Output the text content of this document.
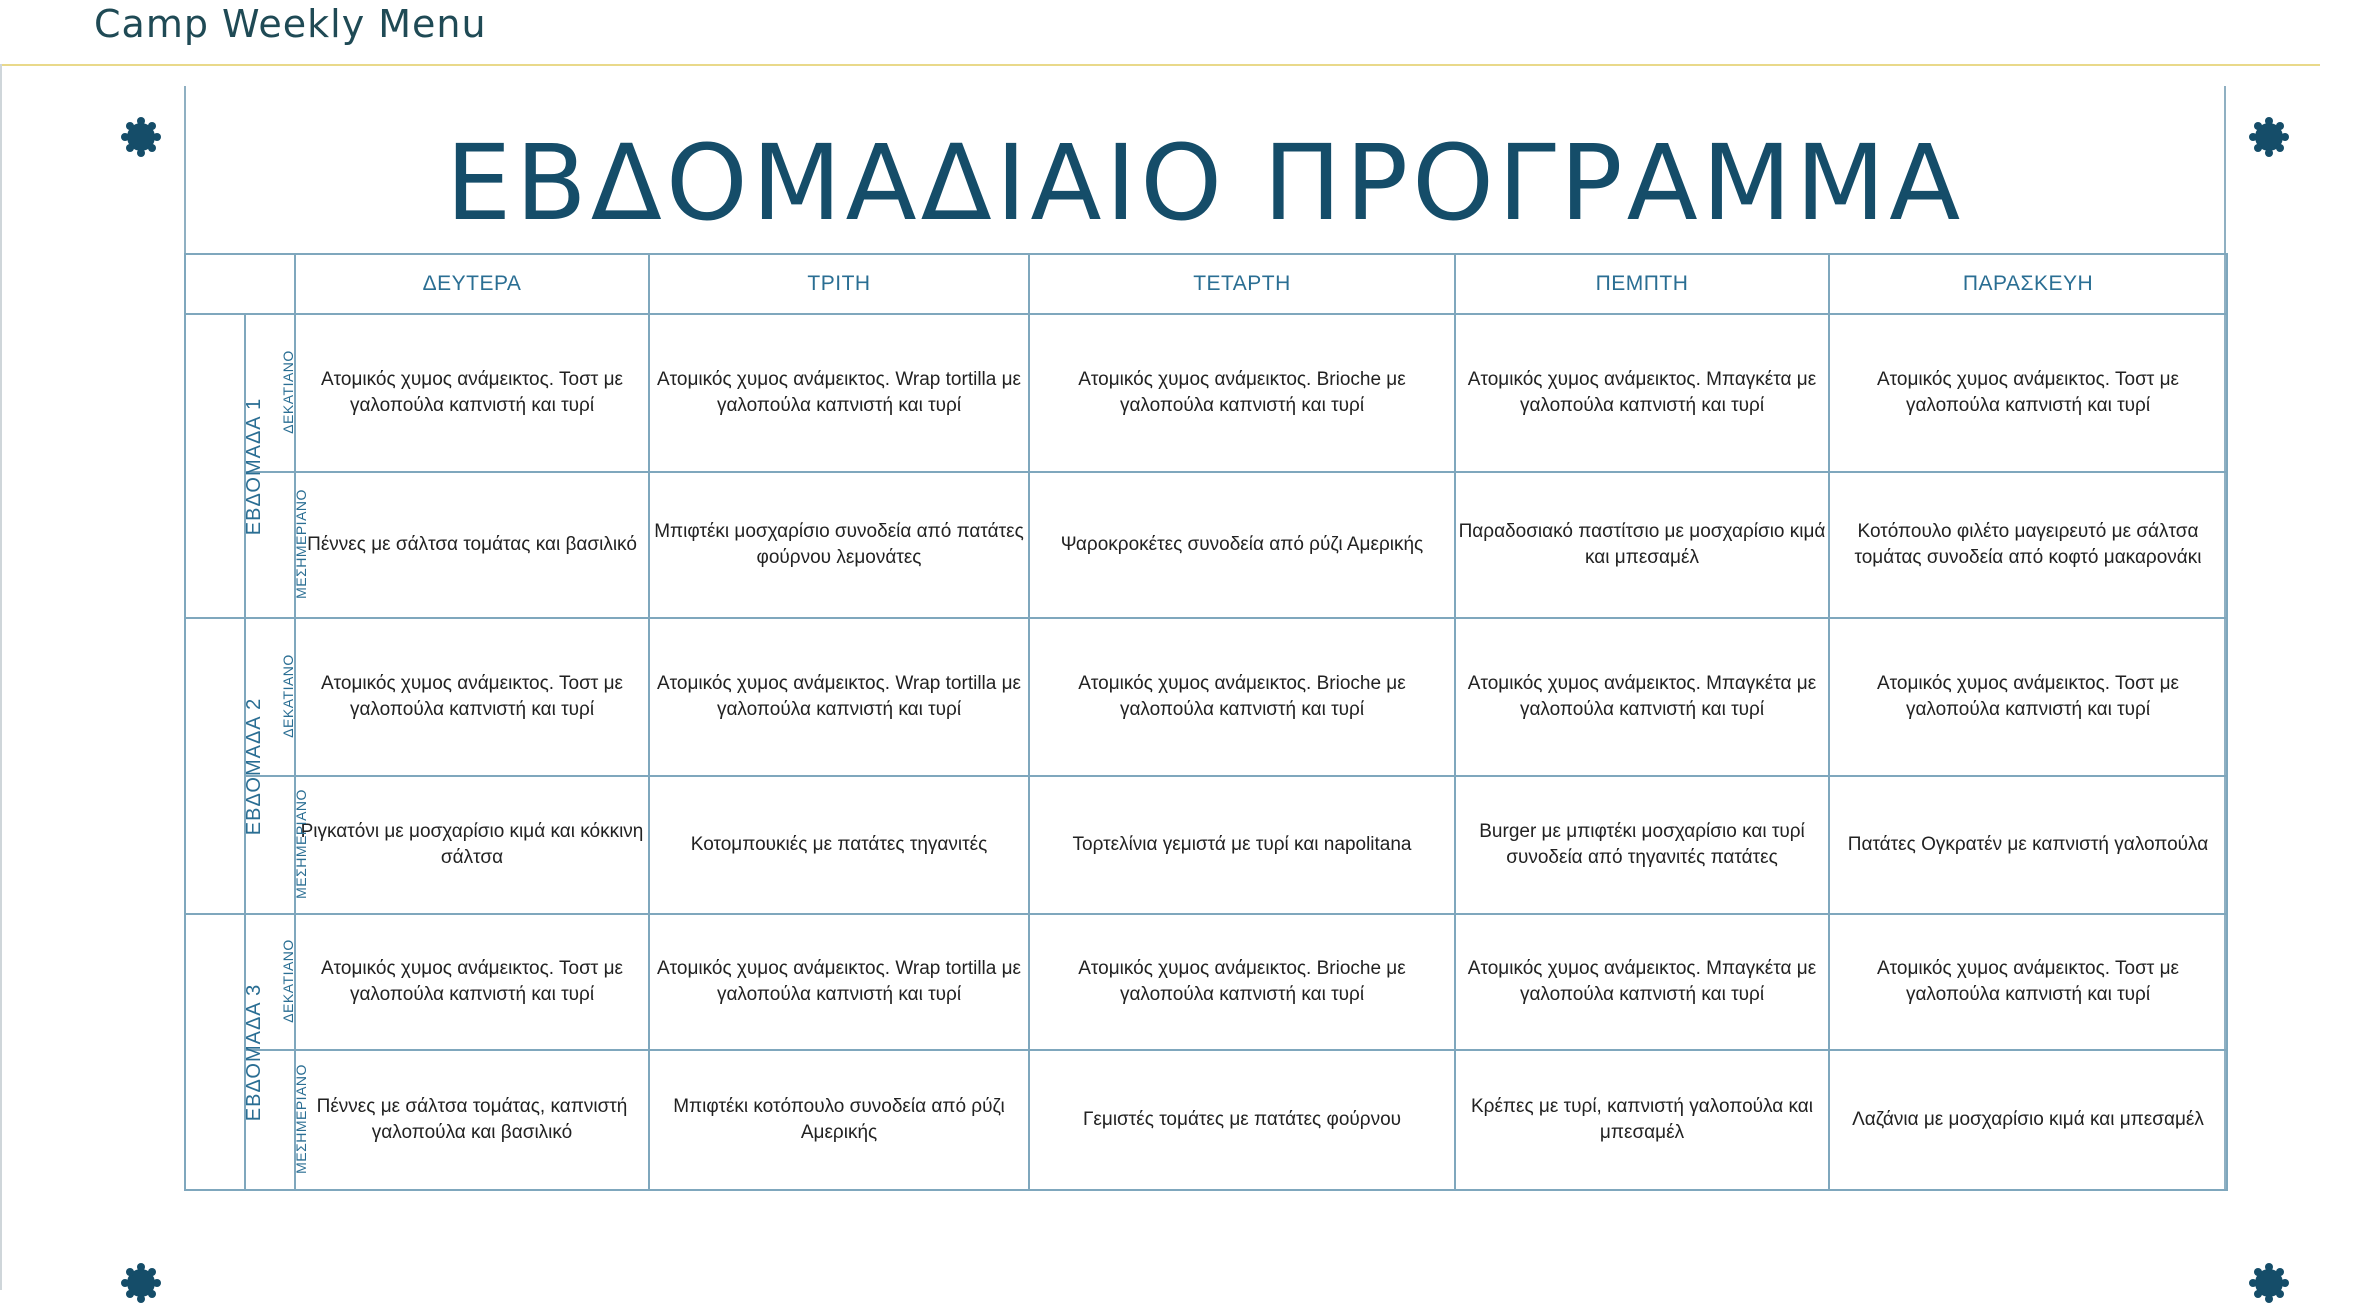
Camp Weekly Menu
ΕΒΔΟΜΑΔΙΑΙΟ ΠΡΟΓΡΑΜΜΑ
		ΔΕΥΤΕΡΑ	ΤΡΙΤΗ	ΤΕΤΑΡΤΗ	ΠΕΜΠΤΗ	ΠΑΡΑΣΚΕΥΗ
ΕΒΔΟΜΑΔΑ 1	ΔΕΚΑΤΙΑΝΟ	Ατομικός χυμος ανάμεικτος. Τοστ με γαλοπούλα καπνιστή και τυρί	Ατομικός χυμος ανάμεικτος. Wrap tortilla με γαλοπούλα καπνιστή και τυρί	Ατομικός χυμος ανάμεικτος. Brioche με γαλοπούλα καπνιστή και τυρί	Ατομικός χυμος ανάμεικτος. Μπαγκέτα με γαλοπούλα καπνιστή και τυρί	Ατομικός χυμος ανάμεικτος. Τοστ με γαλοπούλα καπνιστή και τυρί
	ΜΕΣΗΜΕΡΙΑΝΟ	Πέννες με σάλτσα τομάτας και βασιλικό	Μπιφτέκι μοσχαρίσιο συνοδεία από πατάτες φούρνου λεμονάτες	Ψαροκροκέτες συνοδεία από ρύζι Αμερικής	Παραδοσιακό παστίτσιο με μοσχαρίσιο κιμά και μπεσαμέλ	Κοτόπουλο φιλέτο μαγειρευτό με σάλτσα τομάτας συνοδεία από κοφτό μακαρονάκι
ΕΒΔΟΜΑΔΑ 2	ΔΕΚΑΤΙΑΝΟ	Ατομικός χυμος ανάμεικτος. Τοστ με γαλοπούλα καπνιστή και τυρί	Ατομικός χυμος ανάμεικτος. Wrap tortilla με γαλοπούλα καπνιστή και τυρί	Ατομικός χυμος ανάμεικτος. Brioche με γαλοπούλα καπνιστή και τυρί	Ατομικός χυμος ανάμεικτος. Μπαγκέτα με γαλοπούλα καπνιστή και τυρί	Ατομικός χυμος ανάμεικτος. Τοστ με γαλοπούλα καπνιστή και τυρί
	ΜΕΣΗΜΕΡΙΑΝΟ	Ριγκατόνι με μοσχαρίσιο κιμά και κόκκινη σάλτσα	Κοτομπουκιές με πατάτες τηγανιτές	Τορτελίνια γεμιστά με τυρί και napolitana	Burger με μπιφτέκι μοσχαρίσιο και τυρί συνοδεία από τηγανιτές πατάτες	Πατάτες Ογκρατέν με καπνιστή γαλοπούλα
ΕΒΔΟΜΑΔΑ 3	ΔΕΚΑΤΙΑΝΟ	Ατομικός χυμος ανάμεικτος. Τοστ με γαλοπούλα καπνιστή και τυρί	Ατομικός χυμος ανάμεικτος. Wrap tortilla με γαλοπούλα καπνιστή και τυρί	Ατομικός χυμος ανάμεικτος. Brioche με γαλοπούλα καπνιστή και τυρί	Ατομικός χυμος ανάμεικτος. Μπαγκέτα με γαλοπούλα καπνιστή και τυρί	Ατομικός χυμος ανάμεικτος. Τοστ με γαλοπούλα καπνιστή και τυρί
	ΜΕΣΗΜΕΡΙΑΝΟ	Πέννες με σάλτσα τομάτας, καπνιστή γαλοπούλα και βασιλικό	Μπιφτέκι κοτόπουλο συνοδεία από ρύζι Αμερικής	Γεμιστές τομάτες με πατάτες φούρνου	Κρέπες με τυρί, καπνιστή γαλοπούλα και μπεσαμέλ	Λαζάνια με μοσχαρίσιο κιμά και μπεσαμέλ
